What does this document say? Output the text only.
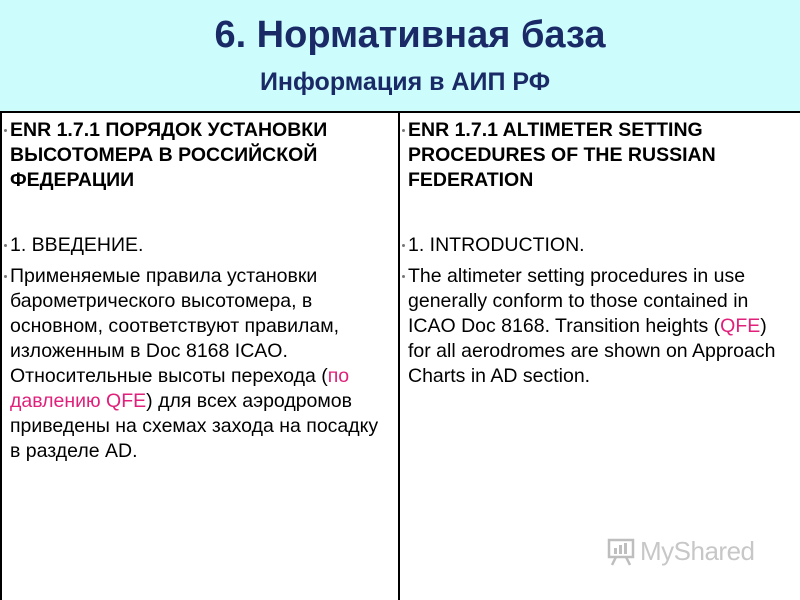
6. Нормативная база
Информация в АИП РФ
ENR 1.7.1 ПОРЯДОК УСТАНОВКИ ВЫСОТОМЕРА В РОССИЙСКОЙ ФЕДЕРАЦИИ
1. ВВЕДЕНИЕ.
Применяемые правила установки барометрического высотомера, в основном, соответствуют правилам, изложенным в Doc 8168 ICAO. Относительные высоты перехода (по давлению QFE) для всех аэродромов приведены на схемах захода на посадку в разделе AD.
ENR 1.7.1 ALTIMETER SETTING PROCEDURES OF THE RUSSIAN FEDERATION
1. INTRODUCTION.
The altimeter setting procedures in use generally conform to those contained in ICAO Doc 8168. Transition heights (QFE) for all aerodromes are shown on Approach Charts in AD section.
MyShared
